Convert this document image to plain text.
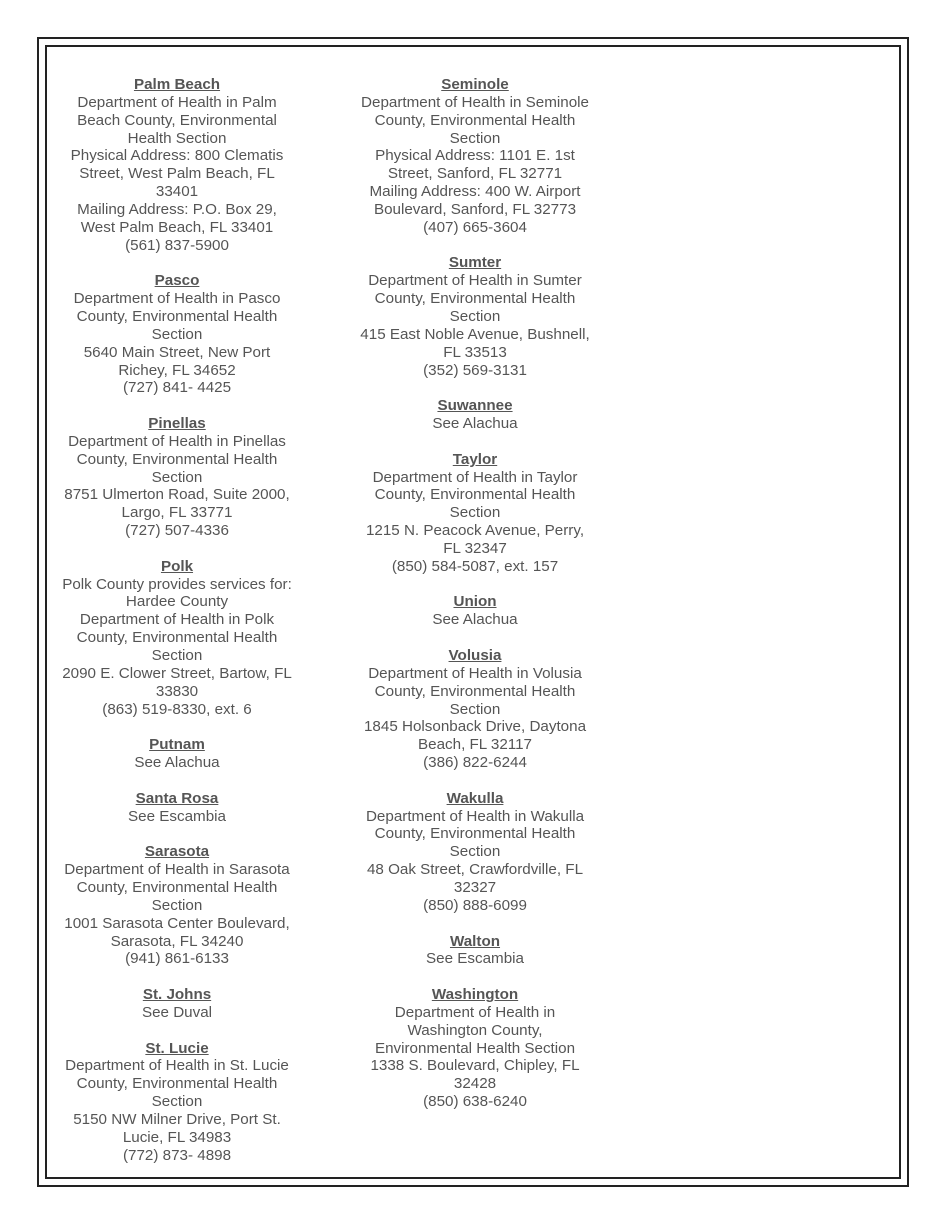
Palm Beach
Department of Health in Palm
Beach County, Environmental
Health Section
Physical Address: 800 Clematis
Street, West Palm Beach, FL
33401
Mailing Address: P.O. Box 29,
West Palm Beach, FL 33401
(561) 837-5900
Pasco
Department of Health in Pasco
County, Environmental Health
Section
5640 Main Street, New Port
Richey, FL 34652
(727) 841- 4425
Pinellas
Department of Health in Pinellas
County, Environmental Health
Section
8751 Ulmerton Road, Suite 2000,
Largo, FL 33771
(727) 507-4336
Polk
Polk County provides services for:
Hardee County
Department of Health in Polk
County, Environmental Health
Section
2090 E. Clower Street, Bartow, FL
33830
(863) 519-8330, ext. 6
Putnam
See Alachua
Santa Rosa
See Escambia
Sarasota
Department of Health in Sarasota
County, Environmental Health
Section
1001 Sarasota Center Boulevard,
Sarasota, FL 34240
(941) 861-6133
St. Johns
See Duval
St. Lucie
Department of Health in St. Lucie
County, Environmental Health
Section
5150 NW Milner Drive, Port St.
Lucie, FL 34983
(772) 873- 4898
Seminole
Department of Health in Seminole
County, Environmental Health
Section
Physical Address: 1101 E. 1st
Street, Sanford, FL 32771
Mailing Address: 400 W. Airport
Boulevard, Sanford, FL 32773
(407) 665-3604
Sumter
Department of Health in Sumter
County, Environmental Health
Section
415 East Noble Avenue, Bushnell,
FL 33513
(352) 569-3131
Suwannee
See Alachua
Taylor
Department of Health in Taylor
County, Environmental Health
Section
1215 N. Peacock Avenue, Perry,
FL 32347
(850) 584-5087, ext. 157
Union
See Alachua
Volusia
Department of Health in Volusia
County, Environmental Health
Section
1845 Holsonback Drive, Daytona
Beach, FL 32117
(386) 822-6244
Wakulla
Department of Health in Wakulla
County, Environmental Health
Section
48 Oak Street, Crawfordville, FL
32327
(850) 888-6099
Walton
See Escambia
Washington
Department of Health in
Washington County,
Environmental Health Section
1338 S. Boulevard, Chipley, FL
32428
(850) 638-6240
